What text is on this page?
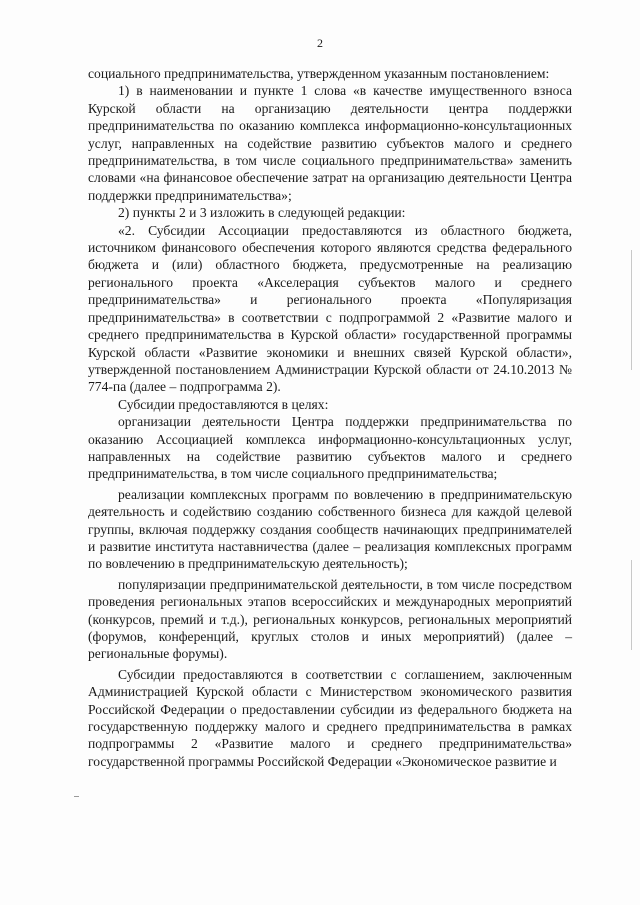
2

социального предпринимательства, утвержденном указанным постановлением:

1) в наименовании и пункте 1 слова «в качестве имущественного взноса Курской области на организацию деятельности центра поддержки предпринимательства по оказанию комплекса информационно-консультационных услуг, направленных на содействие развитию субъектов малого и среднего предпринимательства, в том числе социального предпринимательства» заменить словами «на финансовое обеспечение затрат на организацию деятельности Центра поддержки предпринимательства»;

2) пункты 2 и 3 изложить в следующей редакции:

«2. Субсидии Ассоциации предоставляются из областного бюджета, источником финансового обеспечения которого являются средства федерального бюджета и (или) областного бюджета, предусмотренные на реализацию регионального проекта «Акселерация субъектов малого и среднего предпринимательства» и регионального проекта «Популяризация предпринимательства» в соответствии с подпрограммой 2 «Развитие малого и среднего предпринимательства в Курской области» государственной программы Курской области «Развитие экономики и внешних связей Курской области», утвержденной постановлением Администрации Курской области от 24.10.2013 № 774-па (далее – подпрограмма 2).

Субсидии предоставляются в целях:

организации деятельности Центра поддержки предпринимательства по оказанию Ассоциацией комплекса информационно-консультационных услуг, направленных на содействие развитию субъектов малого и среднего предпринимательства, в том числе социального предпринимательства;

реализации комплексных программ по вовлечению в предпринимательскую деятельность и содействию созданию собственного бизнеса для каждой целевой группы, включая поддержку создания сообществ начинающих предпринимателей и развитие института наставничества (далее – реализация комплексных программ по вовлечению в предпринимательскую деятельность);

популяризации предпринимательской деятельности, в том числе посредством проведения региональных этапов всероссийских и международных мероприятий (конкурсов, премий и т.д.), региональных конкурсов, региональных мероприятий (форумов, конференций, круглых столов и иных мероприятий) (далее – региональные форумы).

Субсидии предоставляются в соответствии с соглашением, заключенным Администрацией Курской области с Министерством экономического развития Российской Федерации о предоставлении субсидии из федерального бюджета на государственную поддержку малого и среднего предпринимательства в рамках подпрограммы 2 «Развитие малого и среднего предпринимательства» государственной программы Российской Федерации «Экономическое развитие и
